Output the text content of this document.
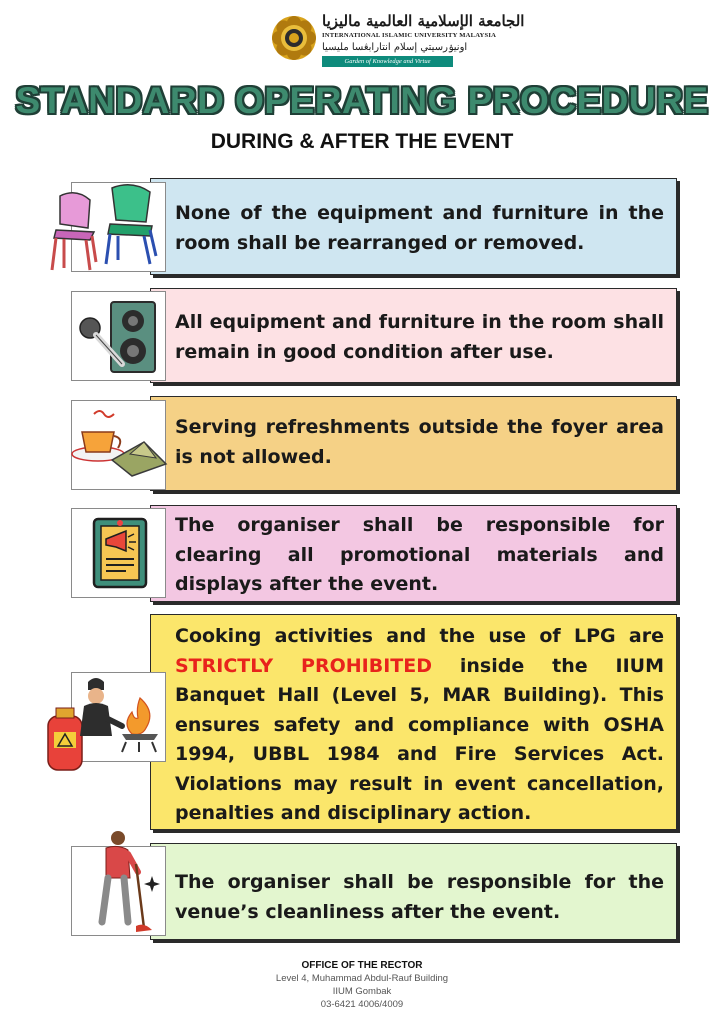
الجامعة الإسلامية العالمية ماليزيا
INTERNATIONAL ISLAMIC UNIVERSITY MALAYSIA
اونيۏرسيتي إسلام انتارابڠسا مليسيا
Garden of Knowledge and Virtue
STANDARD OPERATING PROCEDURE
DURING & AFTER THE EVENT
None of the equipment and furniture in the room shall be rearranged or removed.
All equipment and furniture in the room shall remain in good condition after use.
Serving refreshments outside the foyer area is not allowed.
The organiser shall be responsible for clearing all promotional materials and displays after the event.
Cooking activities and the use of LPG are STRICTLY PROHIBITED inside the IIUM Banquet Hall (Level 5, MAR Building). This ensures safety and compliance with OSHA 1994, UBBL 1984 and Fire Services Act. Violations may result in event cancellation, penalties and disciplinary action.
The organiser shall be responsible for the venue’s cleanliness after the event.
OFFICE OF THE RECTOR
Level 4, Muhammad Abdul-Rauf Building
IIUM Gombak
03-6421 4006/4009
